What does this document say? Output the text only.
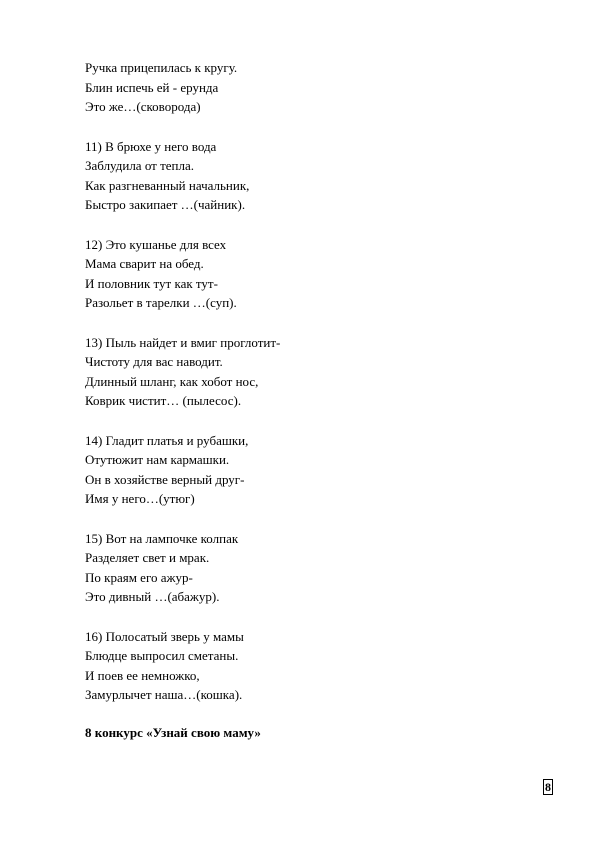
Ручка прицепилась к кругу.
Блин испечь ей - ерунда
Это же…(сковорода)
11) В брюхе у него вода
Заблудила от тепла.
Как разгневанный начальник,
Быстро закипает …(чайник).
12) Это кушанье для всех
Мама сварит на обед.
И половник тут как тут-
Разольет в тарелки …(суп).
13) Пыль найдет и вмиг проглотит-
Чистоту для вас наводит.
Длинный шланг, как хобот нос,
Коврик чистит… (пылесос).
14) Гладит платья и рубашки,
Отутюжит нам кармашки.
Он в хозяйстве верный друг-
Имя у него…(утюг)
15) Вот на лампочке колпак
Разделяет свет и мрак.
По краям его ажур-
Это дивный …(абажур).
16) Полосатый зверь у мамы
Блюдце выпросил сметаны.
И поев ее немножко,
Замурлычет наша…(кошка).
8 конкурс «Узнай свою маму»
8
